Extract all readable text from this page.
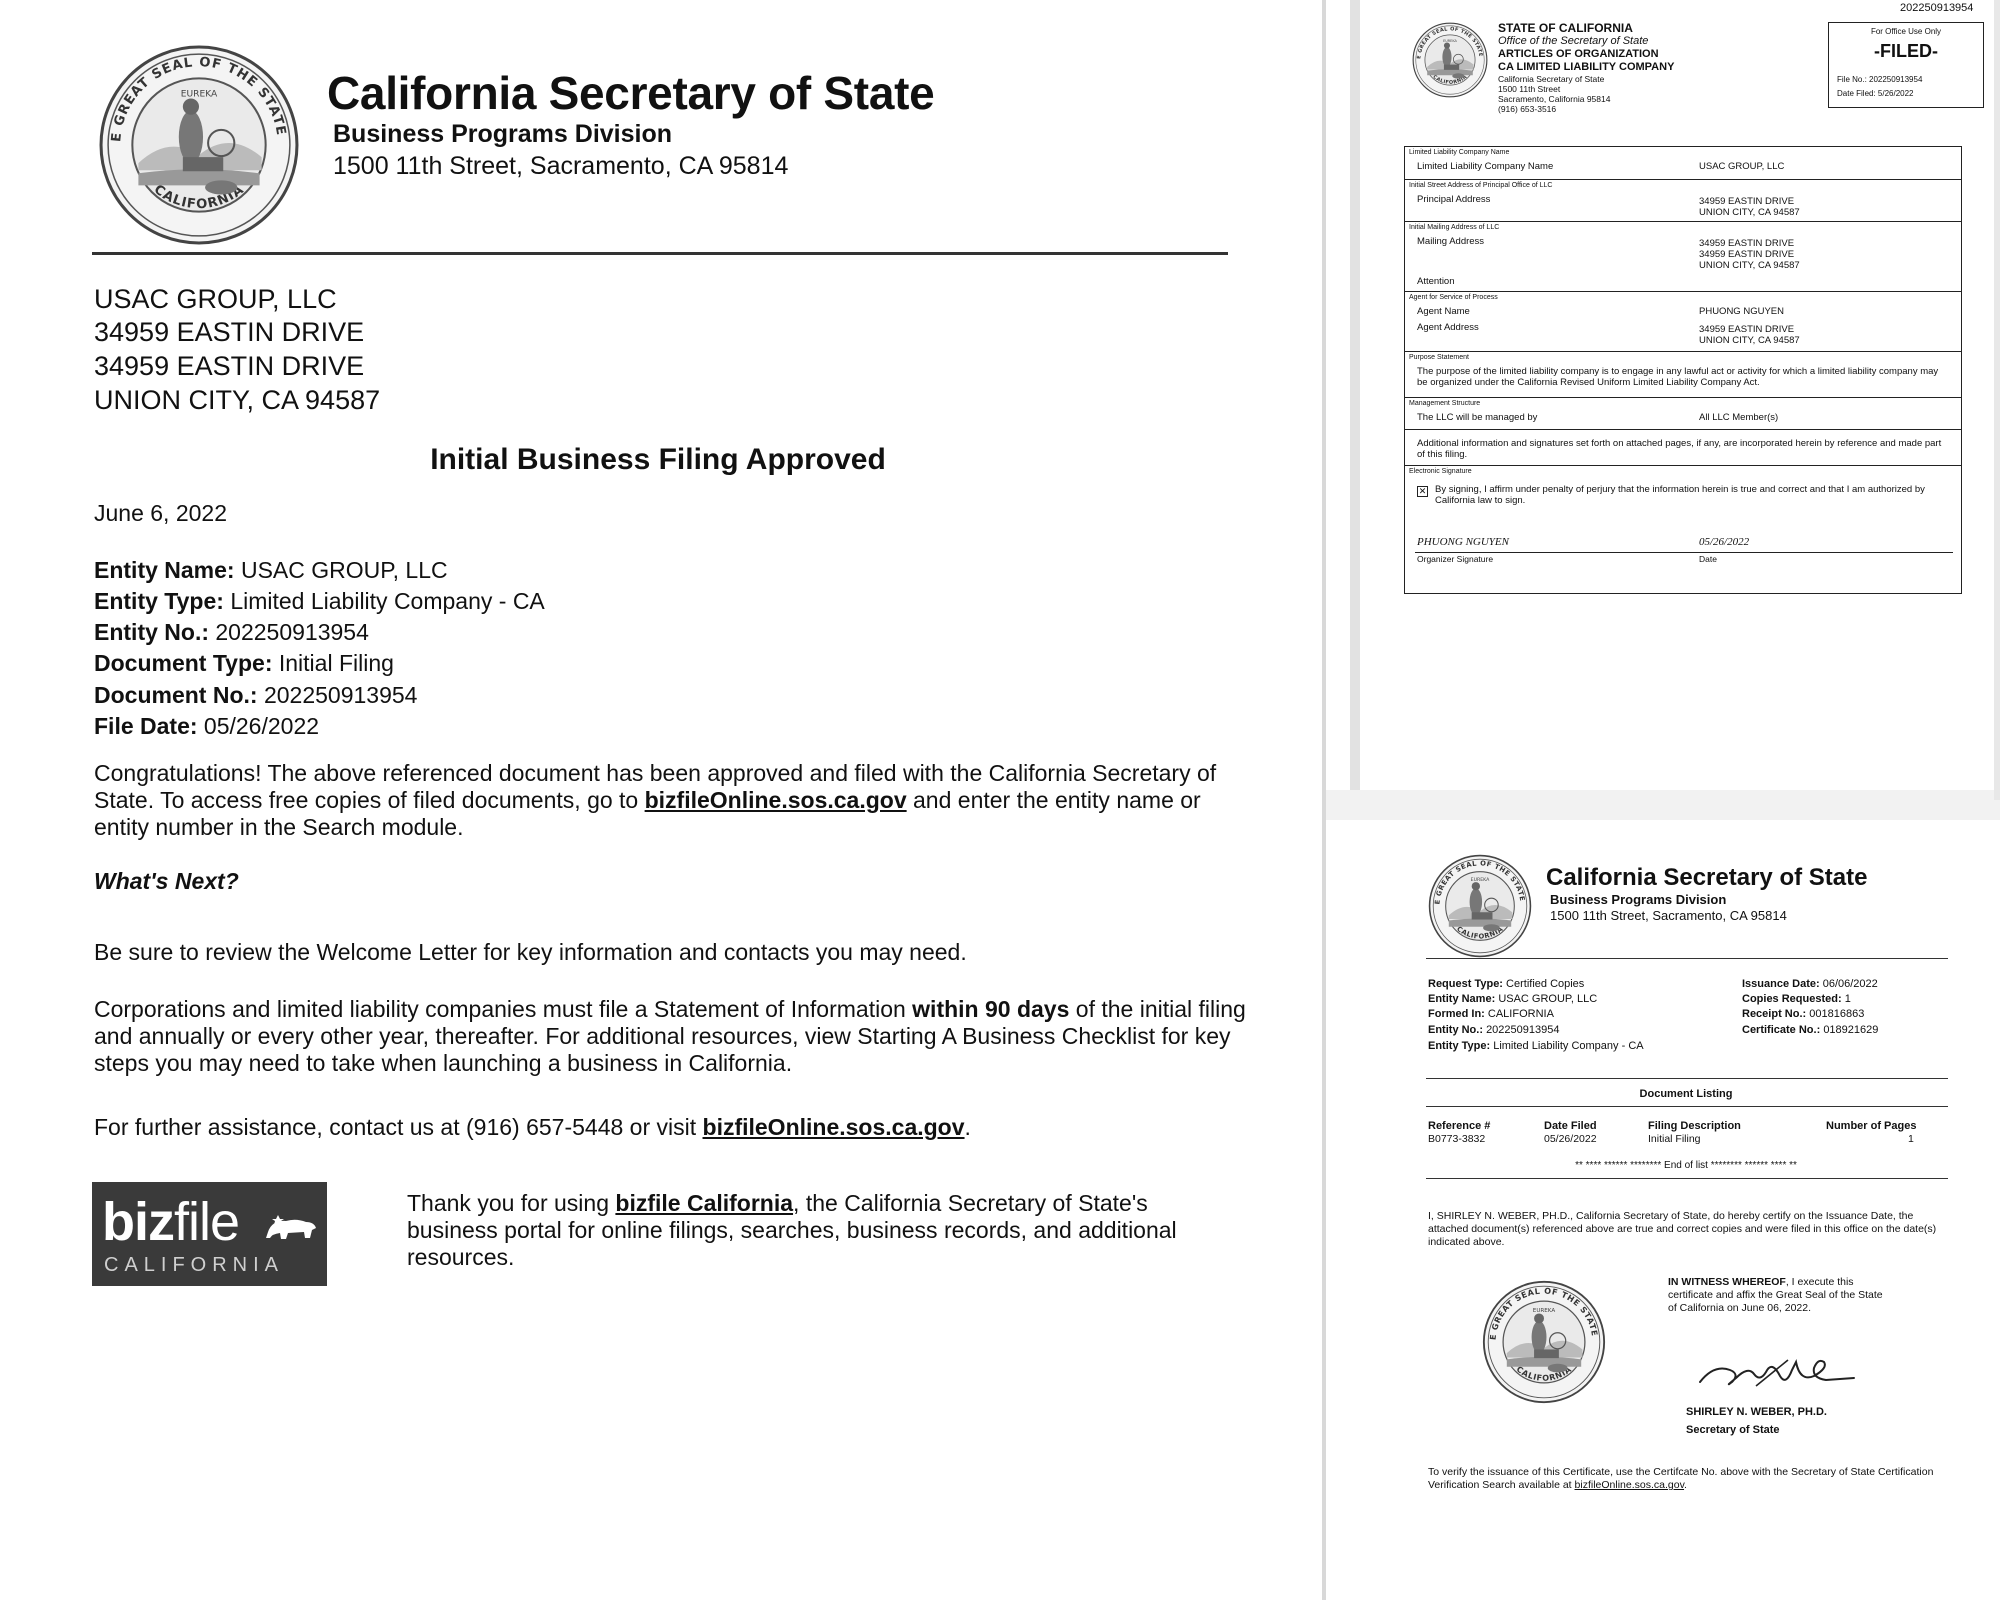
California Secretary of State
Business Programs Division
1500 11th Street, Sacramento, CA 95814
USAC GROUP, LLC
34959 EASTIN DRIVE
34959 EASTIN DRIVE
UNION CITY, CA 94587
Initial Business Filing Approved
June 6, 2022
Entity Name: USAC GROUP, LLC
Entity Type: Limited Liability Company - CA
Entity No.: 202250913954
Document Type: Initial Filing
Document No.: 202250913954
File Date: 05/26/2022
Congratulations! The above referenced document has been approved and filed with the California Secretary of State. To access free copies of filed documents, go to bizfileOnline.sos.ca.gov and enter the entity name or entity number in the Search module.
What's Next?
Be sure to review the Welcome Letter for key information and contacts you may need.
Corporations and limited liability companies must file a Statement of Information within 90 days of the initial filing and annually or every other year, thereafter. For additional resources, view Starting A Business Checklist for key steps you may need to take when launching a business in California.
For further assistance, contact us at (916) 657-5448 or visit bizfileOnline.sos.ca.gov.
bizfile
CALIFORNIA
Thank you for using bizfile California, the California Secretary of State's business portal for online filings, searches, business records, and additional resources.
202250913954
STATE OF CALIFORNIA
Office of the Secretary of State
ARTICLES OF ORGANIZATION
CA LIMITED LIABILITY COMPANY
California Secretary of State
1500 11th Street
Sacramento, California 95814
(916) 653-3516
For Office Use Only
-FILED-
File No.: 202250913954
Date Filed: 5/26/2022
Limited Liability Company Name
Limited Liability Company Name	USAC GROUP, LLC
Initial Street Address of Principal Office of LLC
Principal Address	34959 EASTIN DRIVE
UNION CITY, CA 94587
Initial Mailing Address of LLC
Mailing Address	34959 EASTIN DRIVE
34959 EASTIN DRIVE
UNION CITY, CA 94587
Attention
Agent for Service of Process
Agent Name	PHUONG NGUYEN
Agent Address	34959 EASTIN DRIVE
UNION CITY, CA 94587
Purpose Statement
The purpose of the limited liability company is to engage in any lawful act or activity for which a limited liability company may be organized under the California Revised Uniform Limited Liability Company Act.
Management Structure
The LLC will be managed by	All LLC Member(s)
Additional information and signatures set forth on attached pages, if any, are incorporated herein by reference and made part of this filing.
Electronic Signature
✕ By signing, I affirm under penalty of perjury that the information herein is true and correct and that I am authorized by California law to sign.
PHUONG NGUYEN
Organizer Signature
05/26/2022
Date
California Secretary of State
Business Programs Division
1500 11th Street, Sacramento, CA 95814
Request Type: Certified Copies
Entity Name: USAC GROUP, LLC
Formed In: CALIFORNIA
Entity No.: 202250913954
Entity Type: Limited Liability Company - CA
Issuance Date: 06/06/2022
Copies Requested: 1
Receipt No.: 001816863
Certificate No.: 018921629
Document Listing
Reference #	Date Filed	Filing Description	Number of Pages
B0773-3832	05/26/2022	Initial Filing	1
** **** ****** ******** End of list ******** ****** **** **
I, SHIRLEY N. WEBER, PH.D., California Secretary of State, do hereby certify on the Issuance Date, the attached document(s) referenced above are true and correct copies and were filed in this office on the date(s) indicated above.
IN WITNESS WHEREOF, I execute this certificate and affix the Great Seal of the State of California on June 06, 2022.
SHIRLEY N. WEBER, PH.D.
Secretary of State
To verify the issuance of this Certificate, use the Certifcate No. above with the Secretary of State Certification Verification Search available at bizfileOnline.sos.ca.gov.
